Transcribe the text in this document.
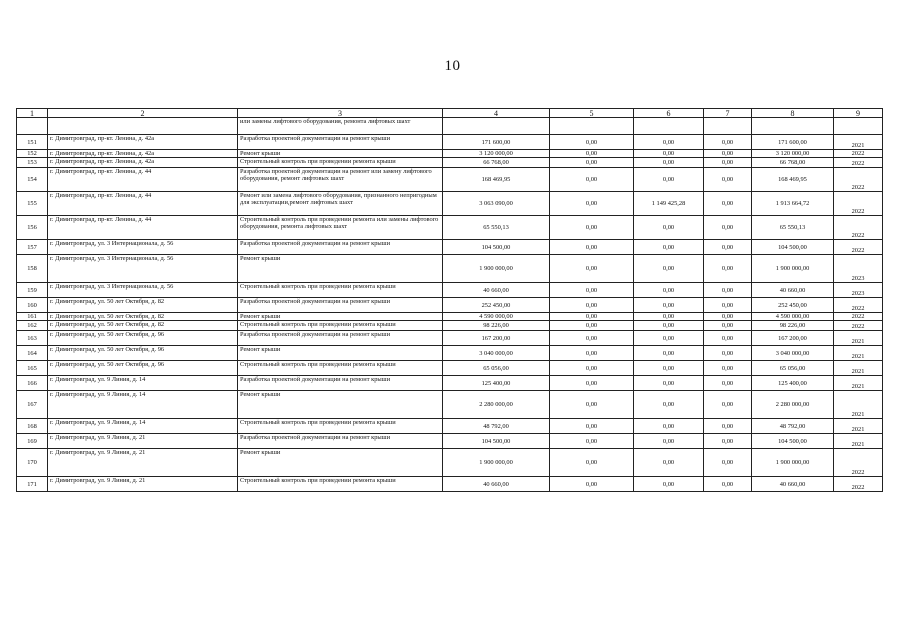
10
1	2	3	4	5	6	7	8	9
		или замены лифтового оборудования, ремонта лифтовых шахт						
151	г. Димитровград, пр-кт. Ленина, д. 42а	Разработка проектной документации на ремонт крыши	171 600,00	0,00	0,00	0,00	171 600,00	2021
152	г. Димитровград, пр-кт. Ленина, д. 42а	Ремонт крыши	3 120 000,00	0,00	0,00	0,00	3 120 000,00	2022
153	г. Димитровград, пр-кт. Ленина, д. 42а	Строительный контроль при проведении ремонта крыши	66 768,00	0,00	0,00	0,00	66 768,00	2022
154	г. Димитровград, пр-кт. Ленина, д. 44	Разработка проектной документации на ремонт или замену лифтового оборудования, ремонт лифтовых шахт	168 469,95	0,00	0,00	0,00	168 469,95	2022
155	г. Димитровград, пр-кт. Ленина, д. 44	Ремонт или замена лифтового оборудования, признанного непригодным для эксплуатации,ремонт лифтовых шахт	3 063 090,00	0,00	1 149 425,28	0,00	1 913 664,72	2022
156	г. Димитровград, пр-кт. Ленина, д. 44	Строительный контроль при проведении ремонта или замены лифтового оборудования, ремонта лифтовых шахт	65 550,13	0,00	0,00	0,00	65 550,13	2022
157	г. Димитровград, ул. 3 Интернационала, д. 56	Разработка проектной документации на ремонт крыши	104 500,00	0,00	0,00	0,00	104 500,00	2022
158	г. Димитровград, ул. 3 Интернационала, д. 56	Ремонт крыши	1 900 000,00	0,00	0,00	0,00	1 900 000,00	2023
159	г. Димитровград, ул. 3 Интернационала, д. 56	Строительный контроль при проведении ремонта крыши	40 660,00	0,00	0,00	0,00	40 660,00	2023
160	г. Димитровград, ул. 50 лет Октября, д. 82	Разработка проектной документации на ремонт крыши	252 450,00	0,00	0,00	0,00	252 450,00	2022
161	г. Димитровград, ул. 50 лет Октября, д. 82	Ремонт крыши	4 590 000,00	0,00	0,00	0,00	4 590 000,00	2022
162	г. Димитровград, ул. 50 лет Октября, д. 82	Строительный контроль при проведении ремонта крыши	98 226,00	0,00	0,00	0,00	98 226,00	2022
163	г. Димитровград, ул. 50 лет Октября, д. 96	Разработка проектной документации на ремонт крыши	167 200,00	0,00	0,00	0,00	167 200,00	2021
164	г. Димитровград, ул. 50 лет Октября, д. 96	Ремонт крыши	3 040 000,00	0,00	0,00	0,00	3 040 000,00	2021
165	г. Димитровград, ул. 50 лет Октября, д. 96	Строительный контроль при проведении ремонта крыши	65 056,00	0,00	0,00	0,00	65 056,00	2021
166	г. Димитровград, ул. 9 Линия, д. 14	Разработка проектной документации на ремонт крыши	125 400,00	0,00	0,00	0,00	125 400,00	2021
167	г. Димитровград, ул. 9 Линия, д. 14	Ремонт крыши	2 280 000,00	0,00	0,00	0,00	2 280 000,00	2021
168	г. Димитровград, ул. 9 Линия, д. 14	Строительный контроль при проведении ремонта крыши	48 792,00	0,00	0,00	0,00	48 792,00	2021
169	г. Димитровград, ул. 9 Линия, д. 21	Разработка проектной документации на ремонт крыши	104 500,00	0,00	0,00	0,00	104 500,00	2021
170	г. Димитровград, ул. 9 Линия, д. 21	Ремонт крыши	1 900 000,00	0,00	0,00	0,00	1 900 000,00	2022
171	г. Димитровград, ул. 9 Линия, д. 21	Строительный контроль при проведении ремонта крыши	40 660,00	0,00	0,00	0,00	40 660,00	2022
